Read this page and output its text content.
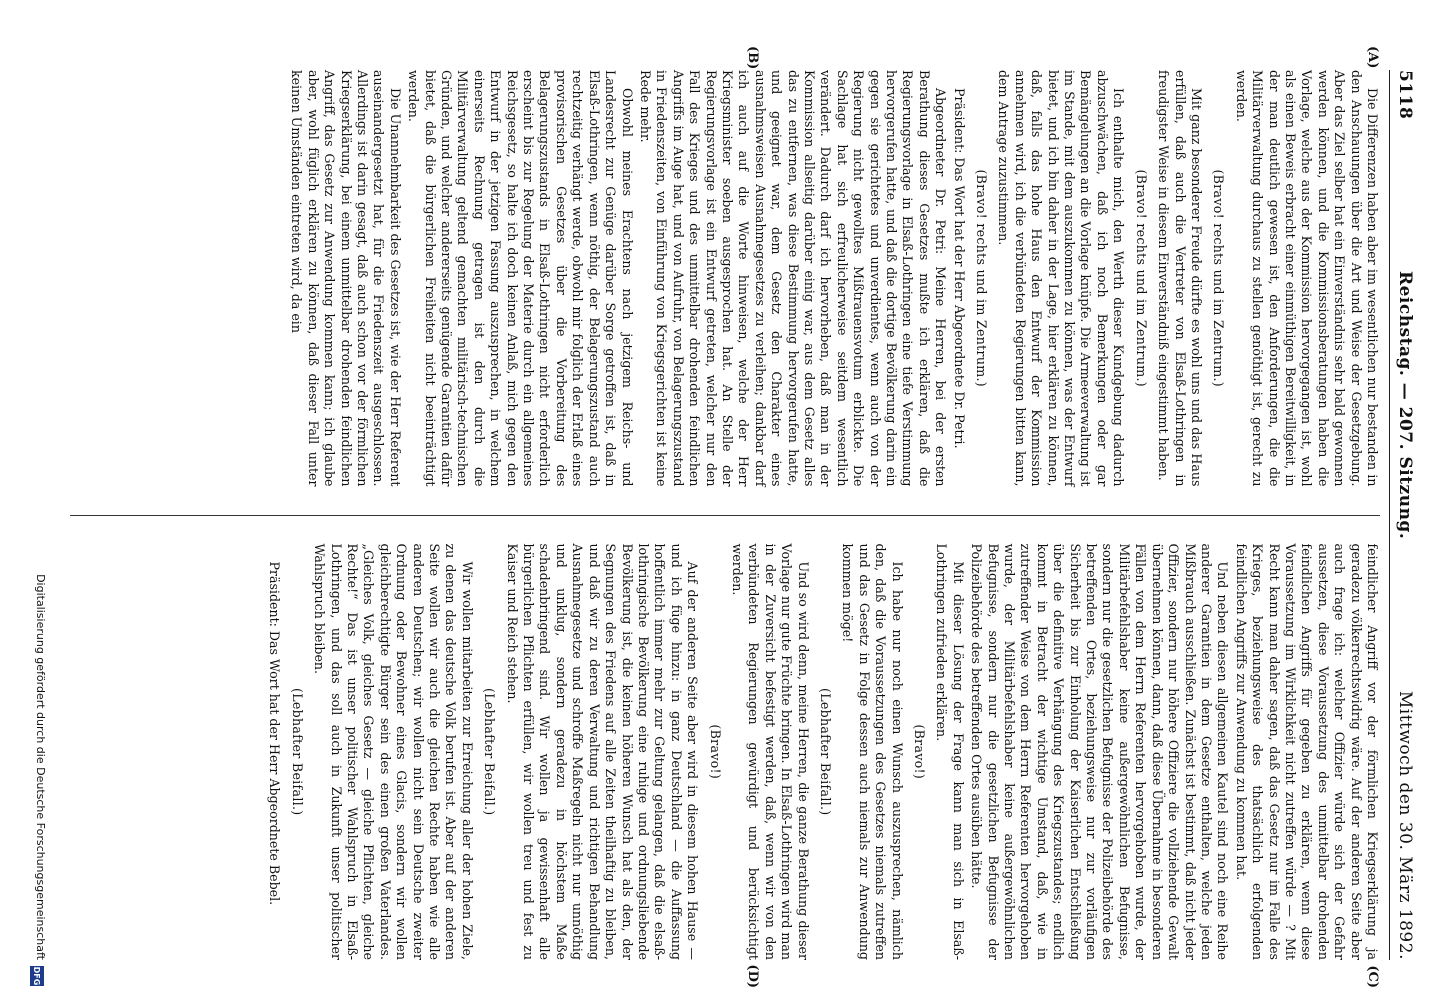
5118
Reichstag. — 207. Sitzung.
Mittwoch den 30. März 1892.
(A)
(B)

Die Differenzen haben aber im wesentlichen nur bestanden in den Anschauungen über die Art und Weise der Gesetzgebung. Aber das Ziel selber hat ein Einverständnis sehr bald gewonnen werden können, und die Kommissionsberatungen haben die Vorlage, welche aus der Kommission hervorgegangen ist, wohl als einen Beweis erbracht einer einmüthigen Bereitwilligkeit, in der man deutlich gewesen ist, den Anforderungen, die die Militärverwaltung durchaus zu stellen genöthigt ist, gerecht zu werden.

(Bravo! rechts und im Zentrum.)

Mit ganz besonderer Freude dürfte es wohl uns und das Haus erfüllen, daß auch die Vertreter von Elsaß-Lothringen in freudigster Weise in diesem Einverständniß eingestimmt haben.

(Bravo! rechts und im Zentrum.)

Ich enthalte mich, den Werth dieser Kundgebung dadurch abzuschwächen, daß ich noch Bemerkungen oder gar Bemängelungen an die Vorlage knüpfe. Die Armeeverwaltung ist im Stande, mit dem auszukommen zu können, was der Entwurf bietet, und ich bin daher in der Lage, hier erklären zu können, daß, falls das hohe Haus den Entwurf der Kommission annehmen wird, ich die verbündeten Regierungen bitten kann, dem Antrage zuzustimmen.

(Bravo! rechts und im Zentrum.)

Präsident: Das Wort hat der Herr Abgeordnete Dr. Petri.

Abgeordneter Dr. Petri: Meine Herren, bei der ersten Berathung dieses Gesetzes mußte ich erklären, daß die Regierungsvorlage in Elsaß-Lothringen eine tiefe Verstimmung hervorgerufen hatte, und daß die dortige Bevölkerung darin ein gegen sie gerichtetes und unverdientes, wenn auch von der Regierung nicht gewolltes Mißtrauensvotum erblickte. Die Sachlage hat sich erfreulicherweise seitdem wesentlich verändert. Dadurch darf ich hervorheben, daß man in der Kommission allseitig darüber einig war, aus dem Gesetz alles das zu entfernen, was diese Bestimmung hervorgerufen hatte, und geeignet war, dem Gesetz den Charakter eines ausnahmsweisen Ausnahmegesetzes zu verleihen; dankbar darf ich auch auf die Worte hinweisen, welche der Herr Kriegsminister soeben ausgesprochen hat. An Stelle der Regierungsvorlage ist ein Entwurf getreten, welcher nur den Fall des Krieges und des unmittelbar drohenden feindlichen Angriffs im Auge hat, und von Aufruhr, von Belagerungszustand in Friedenszeiten, von Einführung von Kriegsgerichten ist keine Rede mehr.

Obwohl meines Erachtens nach jetzigem Reichs- und Landesrecht zur Genüge darüber Sorge getroffen ist, daß in Elsaß-Lothringen, wenn nöthig, der Belagerungszustand auch rechtzeitig verhängt werde, obwohl mir folglich der Erlaß eines provisorischen Gesetzes über die Vorbereitung des Belagerungszustands in Elsaß-Lothringen nicht erforderlich erscheint bis zur Regelung der Materie durch ein allgemeines Reichsgesetz, so halte ich doch keinen Anlaß, mich gegen den Entwurf in der jetzigen Fassung auszusprechen, in welchem einerseits Rechnung getragen ist den durch die Militärverwaltung geltend gemachten militärisch-technischen Gründen, und welcher andererseits genügende Garantien dafür bietet, daß die bürgerlichen Freiheiten nicht beeinträchtigt werden.

Die Unannehmbarkeit des Gesetzes ist, wie der Herr Referent auseinandergesetzt hat, für die Friedenszeit ausgeschlossen. Allerdings ist darin gesagt, daß auch schon vor der förmlichen Kriegserklärung, bei einem unmittelbar drohenden feindlichen Angriff, das Gesetz zur Anwendung kommen kann; ich glaube aber, wohl füglich erklären zu können, daß dieser Fall unter keinen Umständen eintreten wird, da ein

(C)
(D)

feindlicher Angriff vor der förmlichen Kriegserklärung ja geradezu völkerrechtswidrig wäre. Auf der anderen Seite aber auch frage ich: welcher Offizier würde sich der Gefahr aussetzen, diese Voraussetzung des unmittelbar drohenden feindlichen Angriffs für gegeben zu erklären, wenn diese Voraussetzung im Wirklichkeit nicht zutreffen würde — ? Mit Recht kann man daher sagen, daß das Gesetz nur im Falle des Krieges, beziehungsweise des thatsächlich erfolgenden feindlichen Angriffs zur Anwendung zu kommen hat.

Und neben diesen allgemeinen Kautel sind noch eine Reihe anderer Garantien in dem Gesetze enthalten, welche jeden Mißbrauch ausschließen. Zunächst ist bestimmt, daß nicht jeder Offizier, sondern nur höhere Offiziere die vollziehende Gewalt übernehmen können, dann, daß diese Übernahme in besonderen Fällen von dem Herrn Referenten hervorgehoben wurde, der Militärbefehlshaber keine außergewöhnlichen Befugnisse, sondern nur die gesetzlichen Befugnisse der Polizeibehörde des betreffenden Ortes, beziehungsweise nur zur vorläufigen Sicherheit bis zur Einholung der Kaiserlichen Entschließung über die definitive Verhängung des Kriegszustandes; endlich kommt in Betracht der wichtige Umstand, daß, wie in zutreffender Weise von dem Herrn Referenten hervorgehoben wurde, der Militärbefehlshaber keine außergewöhnlichen Befugnisse, sondern nur die gesetzlichen Befugnisse der Polizeibehörde des betreffenden Ortes ausüben hätte.

Mit dieser Lösung der Frage kann man sich in Elsaß-Lothringen zufrieden erklären.

(Bravo!)

Ich habe nur noch einen Wunsch auszusprechen, nämlich den, daß die Voraussetzungen des Gesetzes niemals zutreffen und das Gesetz in Folge dessen auch niemals zur Anwendung kommen möge!

(Lebhafter Beifall.)

Und so wird denn, meine Herren, die ganze Berathung dieser Vorlage nur gute Früchte bringen. In Elsaß-Lothringen wird man in der Zuversicht befestigt werden, daß, wenn wir von den verbündeten Regierungen gewürdigt und berücksichtigt werden.

(Bravo!)

Auf der anderen Seite aber wird in diesem hohen Hause — und ich füge hinzu: in ganz Deutschland — die Auffassung hoffentlich immer mehr zur Geltung gelangen, daß die elsaß-lothringische Bevölkerung eine ruhige und ordnungsliebende Bevölkerung ist, die keinen höheren Wunsch hat als den, der Segnungen des Friedens auf alle Zeiten theilhaftig zu bleiben, und daß wir zu deren Verwaltung und richtigen Behandlung Ausnahmegesetze und schroffe Maßregeln nicht nur unnöthig und unklug, sondern geradezu in höchstem Maße schadenbringend sind. Wir wollen ja gewissenhaft alle bürgerlichen Pflichten erfüllen, wir wollen treu und fest zu Kaiser und Reich stehen.

(Lebhafter Beifall.)

Wir wollen mitarbeiten zur Erreichung aller der hohen Ziele, zu denen das deutsche Volk berufen ist. Aber auf der anderen Seite wollen wir auch die gleichen Rechte haben wie alle anderen Deutschen; wir wollen nicht sein Deutsche zweiter Ordnung oder Bewohner eines Glacis, sondern wir wollen gleichberechtigte Bürger sein des einen großen Vaterlandes. „Gleiches Volk, gleiches Gesetz — gleiche Pflichten, gleiche Rechte!“ Das ist unser politischer Wahlspruch in Elsaß-Lothringen, und das soll auch in Zukunft unser politischer Wahlspruch bleiben.

(Lebhafter Beifall.)

Präsident: Das Wort hat der Herr Abgeordnete Bebel.

Digitalisierung gefördert durch die Deutsche Forschungsgemeinschaft
DFG
